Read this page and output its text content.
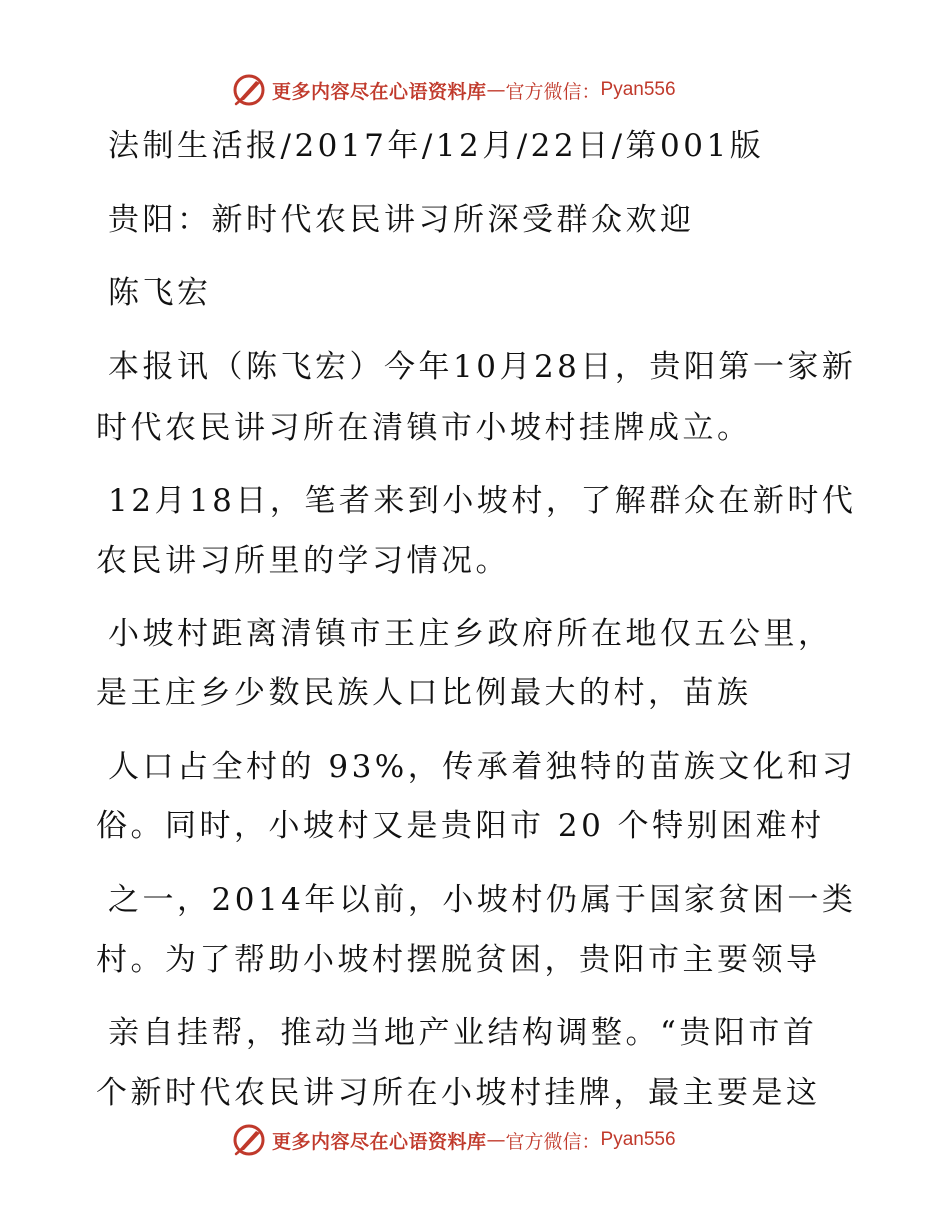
更多内容尽在心语资料库 — 官方微信： Pyan556
法制生活报/2017年/12月/22日/第001版
贵阳：新时代农民讲习所深受群众欢迎
陈飞宏
本报讯（陈飞宏）今年10月28日，贵阳第一家新
时代农民讲习所在清镇市小坡村挂牌成立。
12月18日，笔者来到小坡村，了解群众在新时代
农民讲习所里的学习情况。
小坡村距离清镇市王庄乡政府所在地仅五公里，
是王庄乡少数民族人口比例最大的村，苗族
人口占全村的 93%，传承着独特的苗族文化和习
俗。同时，小坡村又是贵阳市 20 个特别困难村
之一，2014年以前，小坡村仍属于国家贫困一类
村。为了帮助小坡村摆脱贫困，贵阳市主要领导
亲自挂帮，推动当地产业结构调整。“贵阳市首
个新时代农民讲习所在小坡村挂牌，最主要是这
更多内容尽在心语资料库 — 官方微信： Pyan556
